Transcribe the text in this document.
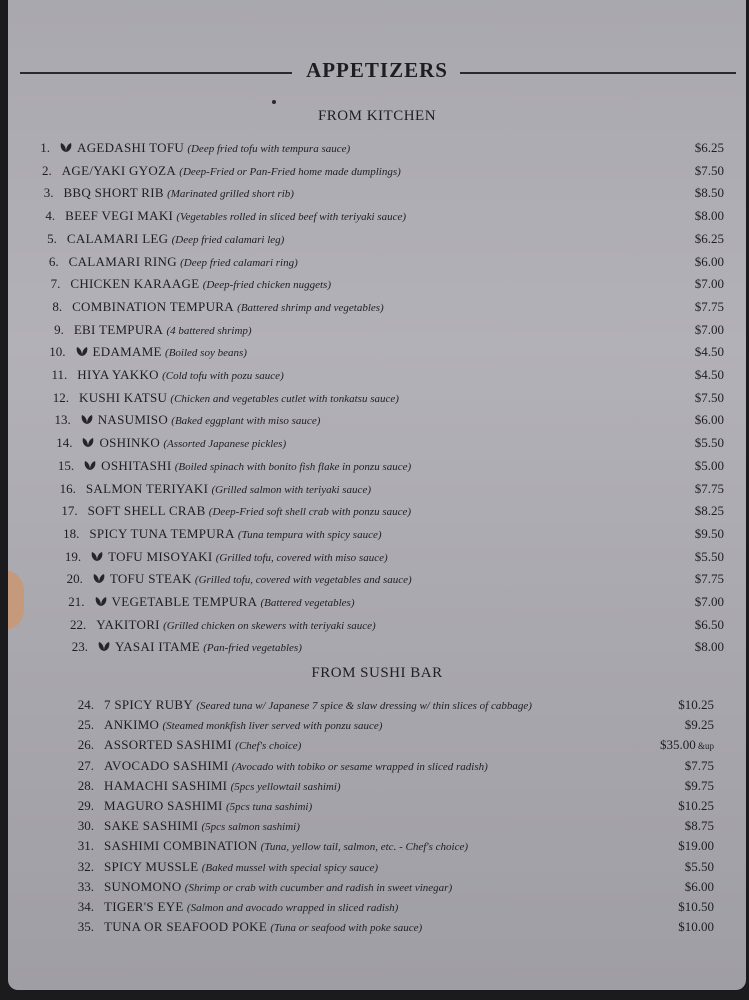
APPETIZERS
FROM KITCHEN
1.	AGEDASHI TOFU (Deep fried tofu with tempura sauce)	$6.25
2. AGE/YAKI GYOZA (Deep-Fried or Pan-Fried home made dumplings)	$7.50
3. BBQ SHORT RIB (Marinated grilled short rib)	$8.50
4. BEEF VEGI MAKI (Vegetables rolled in sliced beef with teriyaki sauce)	$8.00
5. CALAMARI LEG (Deep fried calamari leg)	$6.25
6. CALAMARI RING (Deep fried calamari ring)	$6.00
7. CHICKEN KARAAGE (Deep-fried chicken nuggets)	$7.00
8. COMBINATION TEMPURA (Battered shrimp and vegetables)	$7.75
9. EBI TEMPURA (4 battered shrimp)	$7.00
10.	EDAMAME (Boiled soy beans)	$4.50
11. HIYA YAKKO (Cold tofu with pozu sauce)	$4.50
12. KUSHI KATSU (Chicken and vegetables cutlet with tonkatsu sauce)	$7.50
13.	NASUMISO (Baked eggplant with miso sauce)	$6.00
14.	OSHINKO (Assorted Japanese pickles)	$5.50
15.	OSHITASHI (Boiled spinach with bonito fish flake in ponzu sauce)	$5.00
16. SALMON TERIYAKI (Grilled salmon with teriyaki sauce)	$7.75
17. SOFT SHELL CRAB (Deep-Fried soft shell crab with ponzu sauce)	$8.25
18. SPICY TUNA TEMPURA (Tuna tempura with spicy sauce)	$9.50
19.	TOFU MISOYAKI (Grilled tofu, covered with miso sauce)	$5.50
20.	TOFU STEAK (Grilled tofu, covered with vegetables and sauce)	$7.75
21.	VEGETABLE TEMPURA (Battered vegetables)	$7.00
22. YAKITORI (Grilled chicken on skewers with teriyaki sauce)	$6.50
23.	YASAI ITAME (Pan-fried vegetables)	$8.00
FROM SUSHI BAR
24. 7 SPICY RUBY (Seared tuna w/ Japanese 7 spice & slaw dressing w/ thin slices of cabbage)	$10.25
25. ANKIMO (Steamed monkfish liver served with ponzu sauce)	$9.25
26. ASSORTED SASHIMI (Chef's choice)	$35.00 &up
27. AVOCADO SASHIMI (Avocado with tobiko or sesame wrapped in sliced radish)	$7.75
28. HAMACHI SASHIMI (5pcs yellowtail sashimi)	$9.75
29. MAGURO SASHIMI (5pcs tuna sashimi)	$10.25
30. SAKE SASHIMI (5pcs salmon sashimi)	$8.75
31. SASHIMI COMBINATION (Tuna, yellow tail, salmon, etc. - Chef's choice)	$19.00
32. SPICY MUSSLE (Baked mussel with special spicy sauce)	$5.50
33. SUNOMONO (Shrimp or crab with cucumber and radish in sweet vinegar)	$6.00
34. TIGER'S EYE (Salmon and avocado wrapped in sliced radish)	$10.50
35. TUNA OR SEAFOOD POKE (Tuna or seafood with poke sauce)	$10.00
